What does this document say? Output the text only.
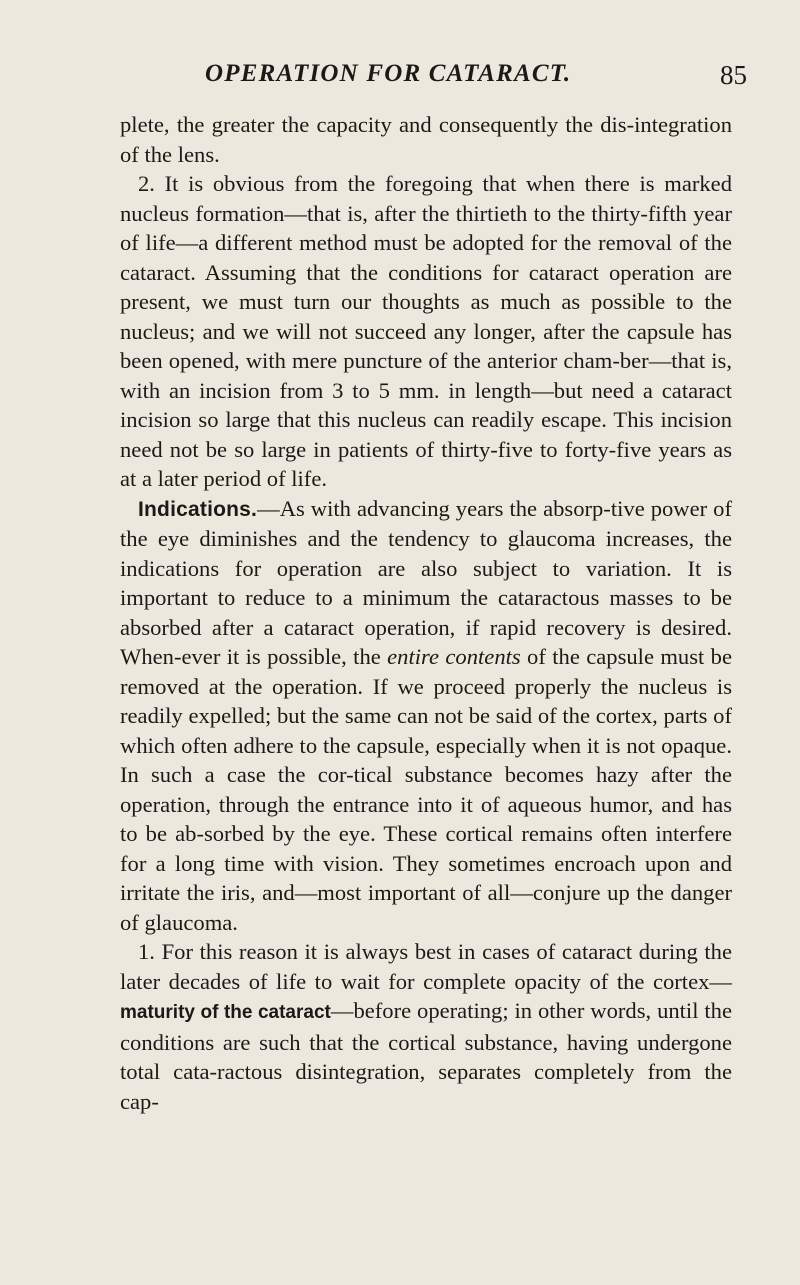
OPERATION FOR CATARACT.	85

plete, the greater the capacity and consequently the dis-integration of the lens.

2. It is obvious from the foregoing that when there is marked nucleus formation—that is, after the thirtieth to the thirty-fifth year of life—a different method must be adopted for the removal of the cataract. Assuming that the conditions for cataract operation are present, we must turn our thoughts as much as possible to the nucleus; and we will not succeed any longer, after the capsule has been opened, with mere puncture of the anterior cham-ber—that is, with an incision from 3 to 5 mm. in length—but need a cataract incision so large that this nucleus can readily escape. This incision need not be so large in patients of thirty-five to forty-five years as at a later period of life.

Indications.—As with advancing years the absorp-tive power of the eye diminishes and the tendency to glaucoma increases, the indications for operation are also subject to variation. It is important to reduce to a minimum the cataractous masses to be absorbed after a cataract operation, if rapid recovery is desired. When-ever it is possible, the entire contents of the capsule must be removed at the operation. If we proceed properly the nucleus is readily expelled; but the same can not be said of the cortex, parts of which often adhere to the capsule, especially when it is not opaque. In such a case the cor-tical substance becomes hazy after the operation, through the entrance into it of aqueous humor, and has to be ab-sorbed by the eye. These cortical remains often interfere for a long time with vision. They sometimes encroach upon and irritate the iris, and—most important of all—conjure up the danger of glaucoma.

1. For this reason it is always best in cases of cataract during the later decades of life to wait for complete opacity of the cortex—maturity of the cataract—before operating; in other words, until the conditions are such that the cortical substance, having undergone total cata-ractous disintegration, separates completely from the cap-
